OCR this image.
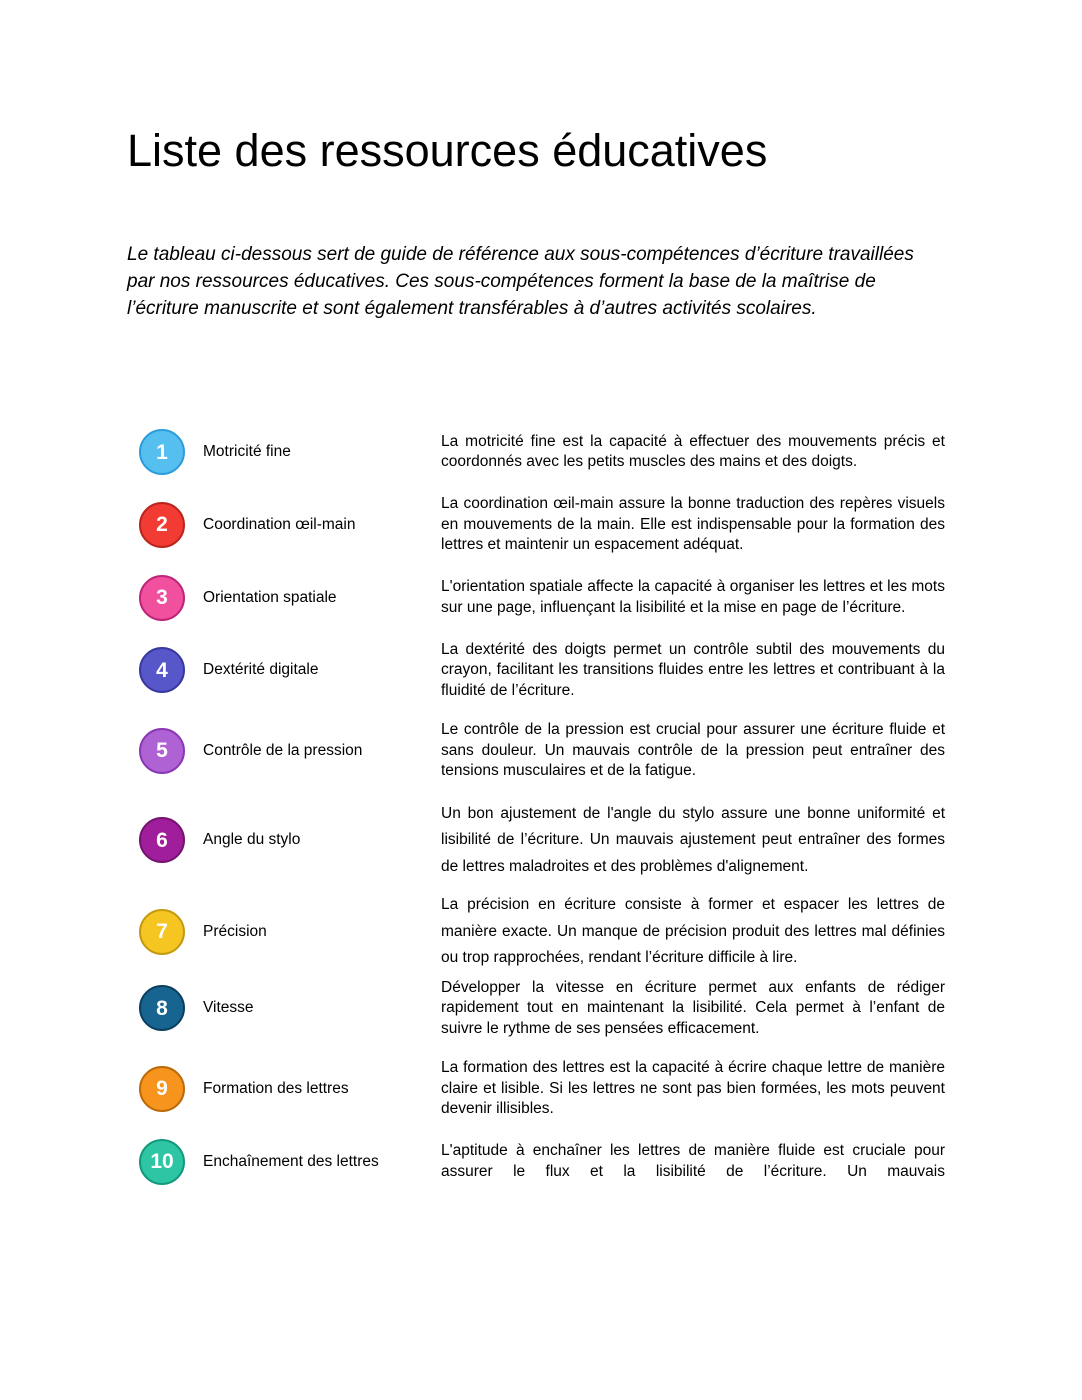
Liste des ressources éducatives

Le tableau ci-dessous sert de guide de référence aux sous-compétences d’écriture travaillées par nos ressources éducatives. Ces sous-compétences forment la base de la maîtrise de l’écriture manuscrite et sont également transférables à d’autres activités scolaires.

1 Motricité fine
La motricité fine est la capacité à effectuer des mouvements précis et coordonnés avec les petits muscles des mains et des doigts.
2 Coordination œil-main
La coordination œil-main assure la bonne traduction des repères visuels en mouvements de la main. Elle est indispensable pour la formation des lettres et maintenir un espacement adéquat.
3 Orientation spatiale
L'orientation spatiale affecte la capacité à organiser les lettres et les mots sur une page, influençant la lisibilité et la mise en page de l’écriture.
4 Dextérité digitale
La dextérité des doigts permet un contrôle subtil des mouvements du crayon, facilitant les transitions fluides entre les lettres et contribuant à la fluidité de l’écriture.
5 Contrôle de la pression
Le contrôle de la pression est crucial pour assurer une écriture fluide et sans douleur. Un mauvais contrôle de la pression peut entraîner des tensions musculaires et de la fatigue.
6 Angle du stylo
Un bon ajustement de l'angle du stylo assure une bonne uniformité et lisibilité de l’écriture. Un mauvais ajustement peut entraîner des formes de lettres maladroites et des problèmes d'alignement.
7 Précision
La précision en écriture consiste à former et espacer les lettres de manière exacte. Un manque de précision produit des lettres mal définies ou trop rapprochées, rendant l’écriture difficile à lire.
8 Vitesse
Développer la vitesse en écriture permet aux enfants de rédiger rapidement tout en maintenant la lisibilité. Cela permet à l’enfant de suivre le rythme de ses pensées efficacement.
9 Formation des lettres
La formation des lettres est la capacité à écrire chaque lettre de manière claire et lisible. Si les lettres ne sont pas bien formées, les mots peuvent devenir illisibles.
10 Enchaînement des lettres
L'aptitude à enchaîner les lettres de manière fluide est cruciale pour assurer le flux et la lisibilité de l’écriture. Un mauvais
